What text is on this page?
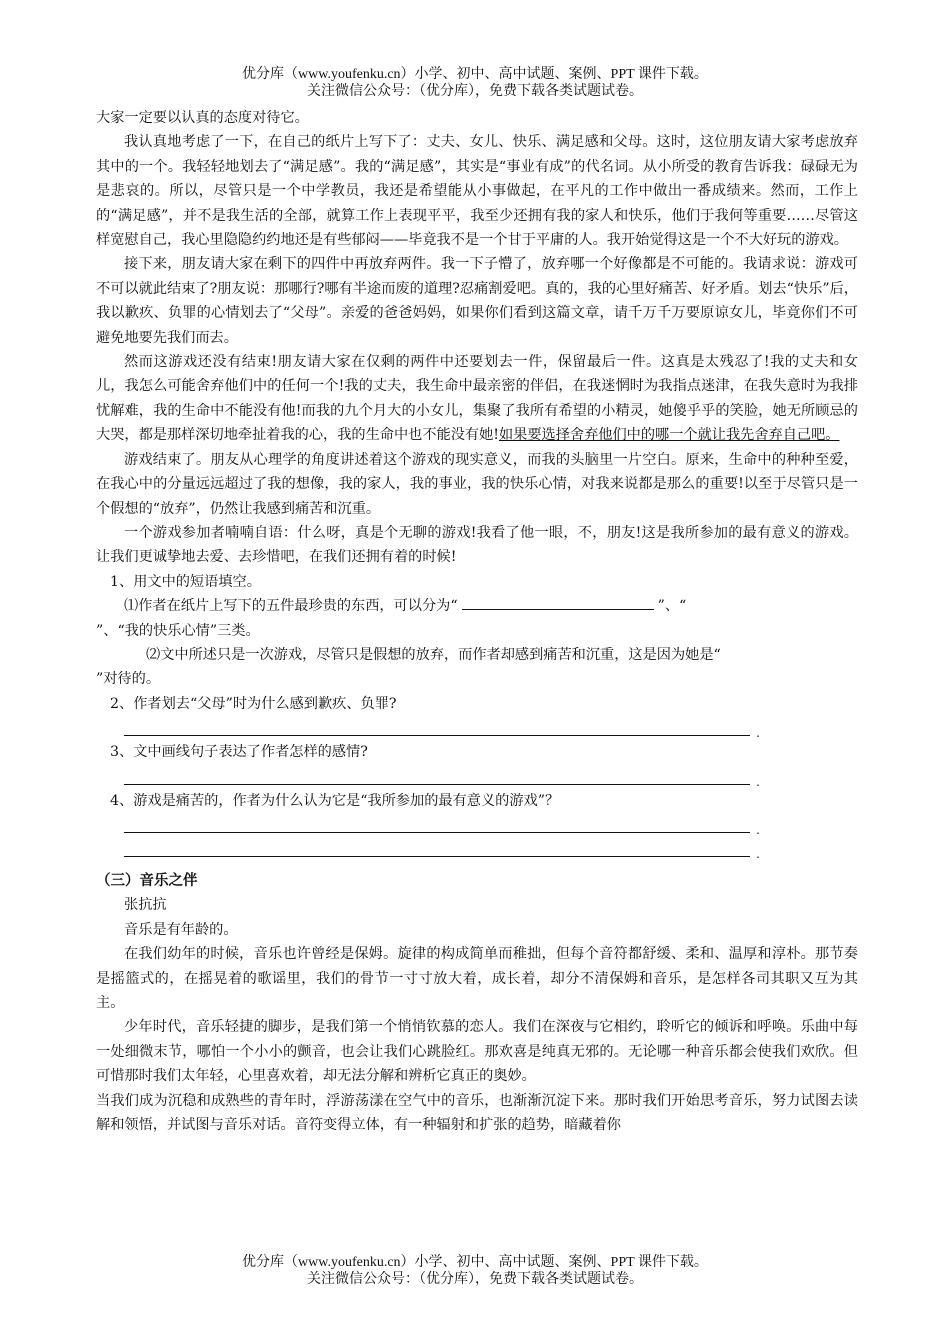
优分库（www.youfenku.cn）小学、初中、高中试题、案例、PPT 课件下载。
关注微信公众号：（优分库），免费下载各类试题试卷。

大家一定要以认真的态度对待它。

我认真地考虑了一下，在自己的纸片上写下了：丈夫、女儿、快乐、满足感和父母。这时，这位朋友请大家考虑放弃其中的一个。我轻轻地划去了“满足感”。我的“满足感”，其实是“事业有成”的代名词。从小所受的教育告诉我：碌碌无为是悲哀的。所以，尽管只是一个中学教员，我还是希望能从小事做起，在平凡的工作中做出一番成绩来。然而，工作上的“满足感”，并不是我生活的全部，就算工作上表现平平，我至少还拥有我的家人和快乐，他们于我何等重要……尽管这样宽慰自己，我心里隐隐约约地还是有些郁闷——毕竟我不是一个甘于平庸的人。我开始觉得这是一个不大好玩的游戏。

接下来，朋友请大家在剩下的四件中再放弃两件。我一下子懵了，放弃哪一个好像都是不可能的。我请求说：游戏可不可以就此结束了?朋友说：那哪行?哪有半途而废的道理?忍痛割爱吧。真的，我的心里好痛苦、好矛盾。划去“快乐”后，我以歉疚、负罪的心情划去了“父母”。亲爱的爸爸妈妈，如果你们看到这篇文章，请千万千万要原谅女儿，毕竟你们不可避免地要先我们而去。

然而这游戏还没有结束!朋友请大家在仅剩的两件中还要划去一件，保留最后一件。这真是太残忍了!我的丈夫和女儿，我怎么可能舍弃他们中的任何一个!我的丈夫，我生命中最亲密的伴侣，在我迷惘时为我指点迷津，在我失意时为我排忧解难，我的生命中不能没有他!而我的九个月大的小女儿，集聚了我所有希望的小精灵，她傻乎乎的笑脸，她无所顾忌的大哭，都是那样深切地牵扯着我的心，我的生命中也不能没有她!如果要选择舍弃他们中的哪一个就让我先舍弃自己吧。

游戏结束了。朋友从心理学的角度讲述着这个游戏的现实意义，而我的头脑里一片空白。原来，生命中的种种至爱，在我心中的分量远远超过了我的想像，我的家人，我的事业，我的快乐心情，对我来说都是那么的重要!以至于尽管只是一个假想的“放弃”，仍然让我感到痛苦和沉重。

一个游戏参加者喃喃自语：什么呀，真是个无聊的游戏!我看了他一眼，不，朋友!这是我所参加的最有意义的游戏。让我们更诚挚地去爱、去珍惜吧，在我们还拥有着的时候!

1、用文中的短语填空。

⑴作者在纸片上写下的五件最珍贵的东西，可以分为“	”、“

”、“我的快乐心情”三类。

⑵文中所述只是一次游戏，尽管只是假想的放弃，而作者却感到痛苦和沉重，这是因为她是“

”对待的。

2、作者划去“父母”时为什么感到歉疚、负罪?

.

3、文中画线句子表达了作者怎样的感情?

.

4、游戏是痛苦的，作者为什么认为它是“我所参加的最有意义的游戏”？

.
.
（三）音乐之伴

张抗抗

音乐是有年龄的。

在我们幼年的时候，音乐也许曾经是保姆。旋律的构成简单而稚拙，但每个音符都舒缓、柔和、温厚和淳朴。那节奏是摇篮式的，在摇晃着的歌谣里，我们的骨节一寸寸放大着，成长着，却分不清保姆和音乐，是怎样各司其职又互为其主。

少年时代，音乐轻捷的脚步，是我们第一个悄悄钦慕的恋人。我们在深夜与它相约，聆听它的倾诉和呼唤。乐曲中每一处细微末节，哪怕一个小小的颤音，也会让我们心跳脸红。那欢喜是纯真无邪的。无论哪一种音乐都会使我们欢欣。但可惜那时我们太年轻，心里喜欢着，却无法分解和辨析它真正的奥妙。

当我们成为沉稳和成熟些的青年时，浮游荡漾在空气中的音乐，也渐渐沉淀下来。那时我们开始思考音乐，努力试图去读解和领悟，并试图与音乐对话。音符变得立体，有一种辐射和扩张的趋势，暗藏着你

优分库（www.youfenku.cn）小学、初中、高中试题、案例、PPT 课件下载。
关注微信公众号：（优分库），免费下载各类试题试卷。
